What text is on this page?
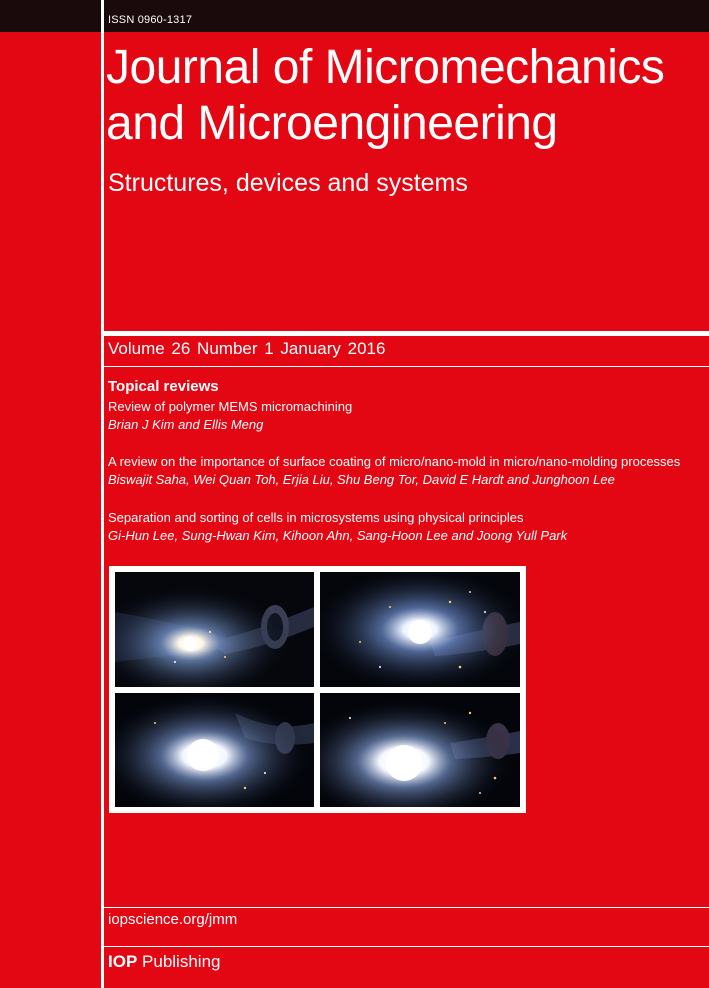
ISSN 0960-1317
Journal of Micromechanics
and Microengineering
Structures, devices and systems
Volume 26 Number 1 January 2016
Topical reviews
Review of polymer MEMS micromachining
Brian J Kim and Ellis Meng
A review on the importance of surface coating of micro/nano-mold in micro/nano-molding processes
Biswajit Saha, Wei Quan Toh, Erjia Liu, Shu Beng Tor, David E Hardt and Junghoon Lee
Separation and sorting of cells in microsystems using physical principles
Gi-Hun Lee, Sung-Hwan Kim, Kihoon Ahn, Sang-Hoon Lee and Joong Yull Park
iopscience.org/jmm
IOP Publishing
